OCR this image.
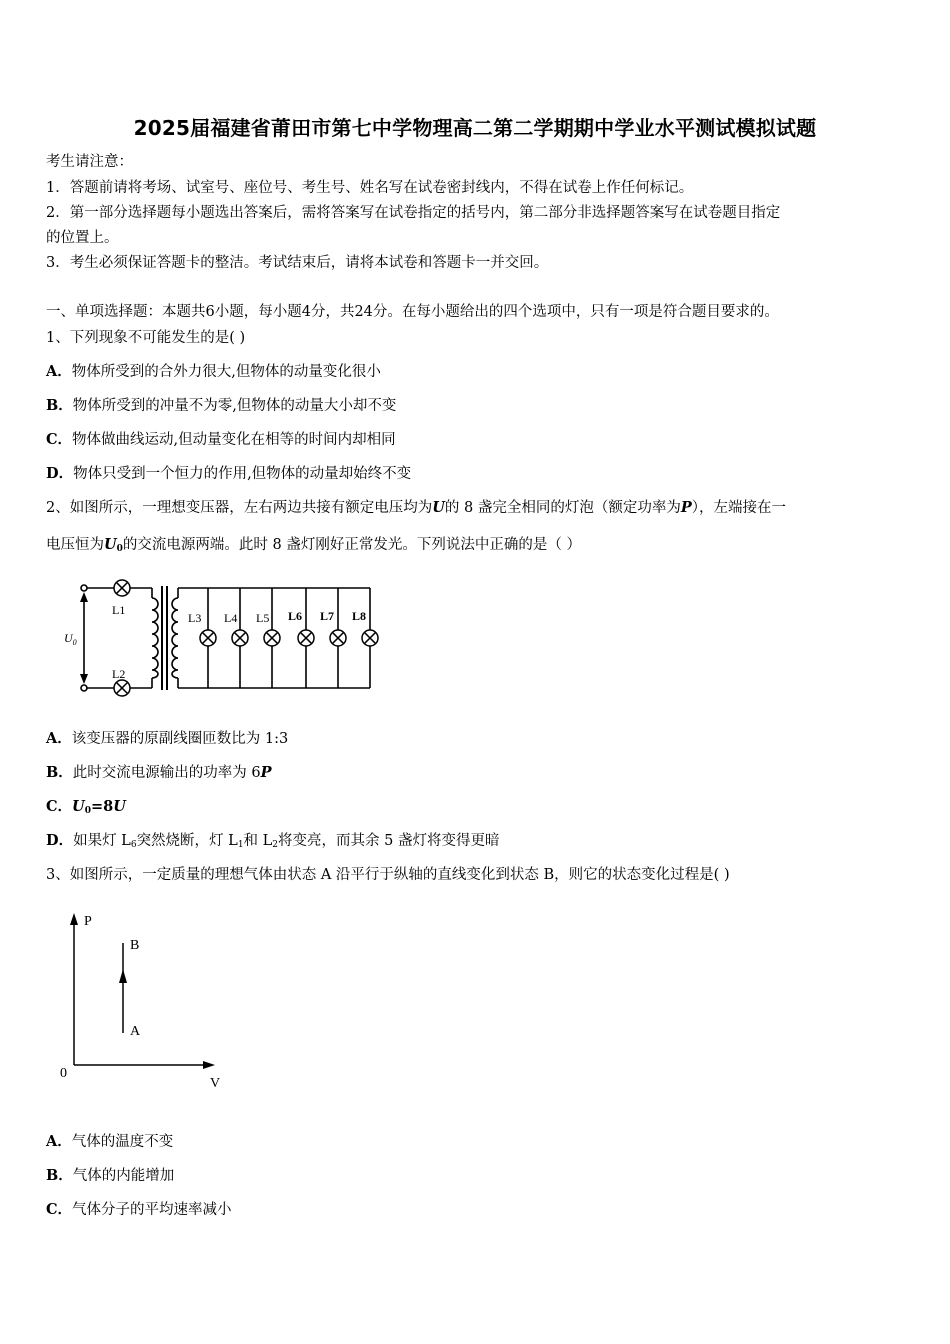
2025届福建省莆田市第七中学物理高二第二学期期中学业水平测试模拟试题
考生请注意：
1．答题前请将考场、试室号、座位号、考生号、姓名写在试卷密封线内，不得在试卷上作任何标记。
2．第一部分选择题每小题选出答案后，需将答案写在试卷指定的括号内，第二部分非选择题答案写在试卷题目指定
的位置上。
3．考生必须保证答题卡的整洁。考试结束后，请将本试卷和答题卡一并交回。
一、单项选择题：本题共6小题，每小题4分，共24分。在每小题给出的四个选项中，只有一项是符合题目要求的。
1、下列现象不可能发生的是( )
A．物体所受到的合外力很大,但物体的动量变化很小
B．物体所受到的冲量不为零,但物体的动量大小却不变
C．物体做曲线运动,但动量变化在相等的时间内却相同
D．物体只受到一个恒力的作用,但物体的动量却始终不变
2、如图所示，一理想变压器，左右两边共接有额定电压均为U的 8 盏完全相同的灯泡（额定功率为P），左端接在一
电压恒为$U_0$的交流电源两端。此时 8 盏灯刚好正常发光。下列说法中正确的是（ ）
$U_0$
L1
L2
L3 L4 L5 L6 L7 L8
A．该变压器的原副线圈匝数比为 1:3
B．此时交流电源输出的功率为 6P
C．$U_0=8U$
D．如果灯 $L_6$突然烧断，灯 $L_1$和 $L_2$将变亮，而其余 5 盏灯将变得更暗
3、如图所示，一定质量的理想气体由状态 A 沿平行于纵轴的直线变化到状态 B，则它的状态变化过程是( )
P
V
0
A
B
A．气体的温度不变
B．气体的内能增加
C．气体分子的平均速率减小
